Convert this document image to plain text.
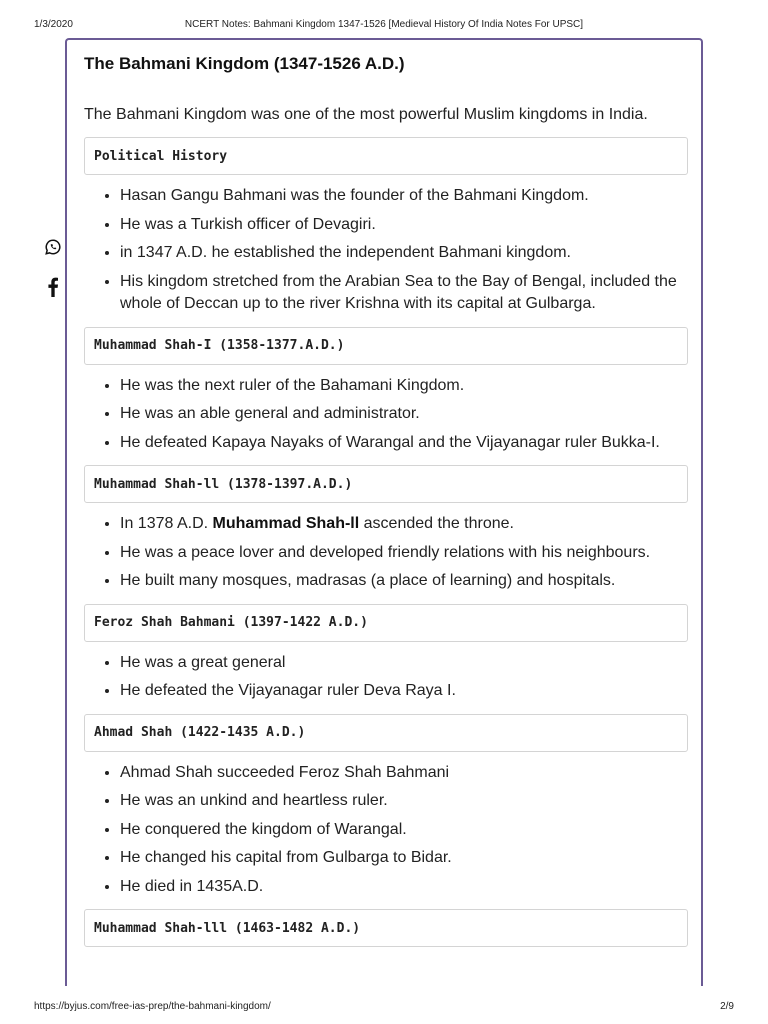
1/3/2020	NCERT Notes: Bahmani Kingdom 1347-1526 [Medieval History Of India Notes For UPSC]
The Bahmani Kingdom (1347-1526 A.D.)

The Bahmani Kingdom was one of the most powerful Muslim kingdoms in India.

Political History
• Hasan Gangu Bahmani was the founder of the Bahmani Kingdom.
• He was a Turkish officer of Devagiri.
• in 1347 A.D. he established the independent Bahmani kingdom.
• His kingdom stretched from the Arabian Sea to the Bay of Bengal, included the whole of Deccan up to the river Krishna with its capital at Gulbarga.
Muhammad Shah-I (1358-1377.A.D.)
• He was the next ruler of the Bahamani Kingdom.
• He was an able general and administrator.
• He defeated Kapaya Nayaks of Warangal and the Vijayanagar ruler Bukka-I.
Muhammad Shah-ll (1378-1397.A.D.)
• In 1378 A.D. Muhammad Shah-ll ascended the throne.
• He was a peace lover and developed friendly relations with his neighbours.
• He built many mosques, madrasas (a place of learning) and hospitals.
Feroz Shah Bahmani (1397-1422 A.D.)
• He was a great general
• He defeated the Vijayanagar ruler Deva Raya I.
Ahmad Shah (1422-1435 A.D.)
• Ahmad Shah succeeded Feroz Shah Bahmani
• He was an unkind and heartless ruler.
• He conquered the kingdom of Warangal.
• He changed his capital from Gulbarga to Bidar.
• He died in 1435A.D.
Muhammad Shah-lll (1463-1482 A.D.)
https://byjus.com/free-ias-prep/the-bahmani-kingdom/	2/9
